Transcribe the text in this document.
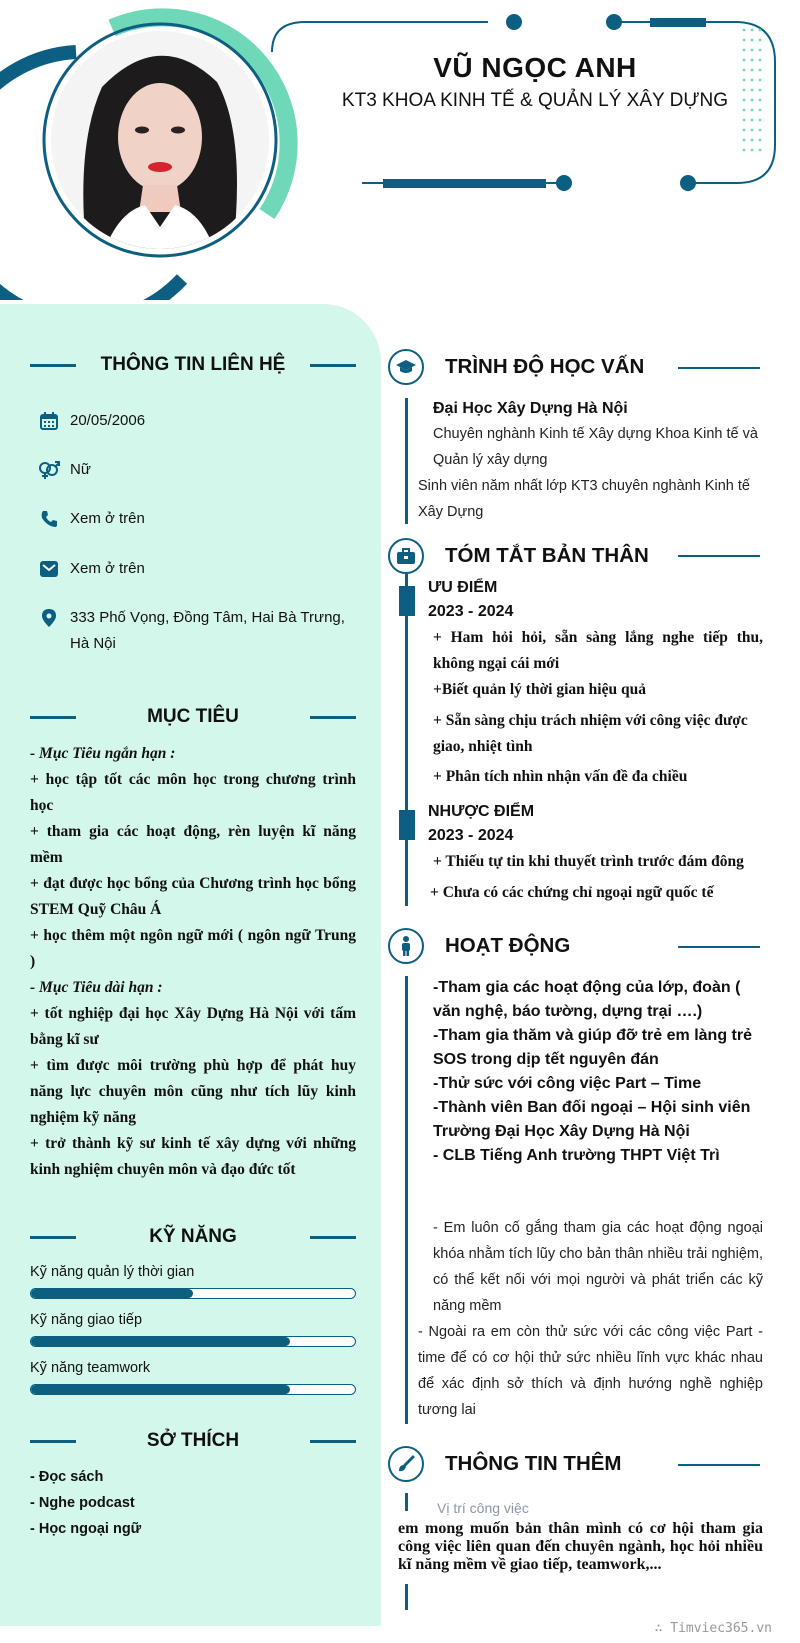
VŨ NGỌC ANH
KT3 KHOA KINH TẾ & QUẢN LÝ XÂY DỰNG
THÔNG TIN LIÊN HỆ
20/05/2006
Nữ
Xem ở trên
Xem ở trên
333 Phố Vọng, Đồng Tâm, Hai Bà Trưng, Hà Nội
MỤC TIÊU

- Mục Tiêu ngắn hạn :

+ học tập tốt các môn học trong chương trình học

+ tham gia các hoạt động, rèn luyện kĩ năng mềm

+ đạt được học bổng của Chương trình học bổng STEM Quỹ Châu Á

+ học thêm một ngôn ngữ mới ( ngôn ngữ Trung )

- Mục Tiêu dài hạn :

+ tốt nghiệp đại học Xây Dựng Hà Nội với tấm bằng kĩ sư

+ tìm được môi trường phù hợp để phát huy năng lực chuyên môn cũng như tích lũy kinh nghiệm kỹ năng

+ trở thành kỹ sư kinh tế xây dựng với những kinh nghiệm chuyên môn và đạo đức tốt

KỸ NĂNG
Kỹ năng quản lý thời gian
Kỹ năng giao tiếp
Kỹ năng teamwork
SỞ THÍCH
- Đọc sách
- Nghe podcast
- Học ngoại ngữ
TRÌNH ĐỘ HỌC VẤN
Đại Học Xây Dựng Hà Nội
Chuyên nghành Kinh tế Xây dựng Khoa Kinh tế và Quản lý xây dựng
Sinh viên năm nhất lớp KT3 chuyên nghành Kinh tế Xây Dựng
TÓM TẮT BẢN THÂN
ƯU ĐIỂM
2023 - 2024
+ Ham hỏi hỏi, sẵn sàng lắng nghe tiếp thu, không ngại cái mới
+Biết quản lý thời gian hiệu quả
+ Sẵn sàng chịu trách nhiệm với công việc được giao, nhiệt tình
+ Phân tích nhìn nhận vấn đề đa chiều
NHƯỢC ĐIỂM
2023 - 2024
+ Thiếu tự tin khi thuyết trình trước đám đông
+ Chưa có các chứng chỉ ngoại ngữ quốc tế
HOẠT ĐỘNG
-Tham gia các hoạt động của lớp, đoàn ( văn nghệ, báo tường, dựng trại ….)
-Tham gia thăm và giúp đỡ trẻ em làng trẻ SOS trong dịp tết nguyên đán
-Thử sức với công việc Part – Time
-Thành viên Ban đối ngoại – Hội sinh viên Trường Đại Học Xây Dựng Hà Nội
- CLB Tiếng Anh trường THPT Việt Trì
- Em luôn cố gắng tham gia các hoạt động ngoại khóa nhằm tích lũy cho bản thân nhiều trải nghiệm, có thể kết nối với mọi người và phát triển các kỹ năng mềm
- Ngoài ra em còn thử sức với các công việc Part - time để có cơ hội thử sức nhiều lĩnh vực khác nhau để xác định sở thích và định hướng nghề nghiệp tương lai
THÔNG TIN THÊM
Vị trí công việc
em mong muốn bản thân mình có cơ hội tham gia công việc liên quan đến chuyên ngành, học hỏi nhiều kĩ năng mềm về giao tiếp, teamwork,...
∴ Timviec365.vn
